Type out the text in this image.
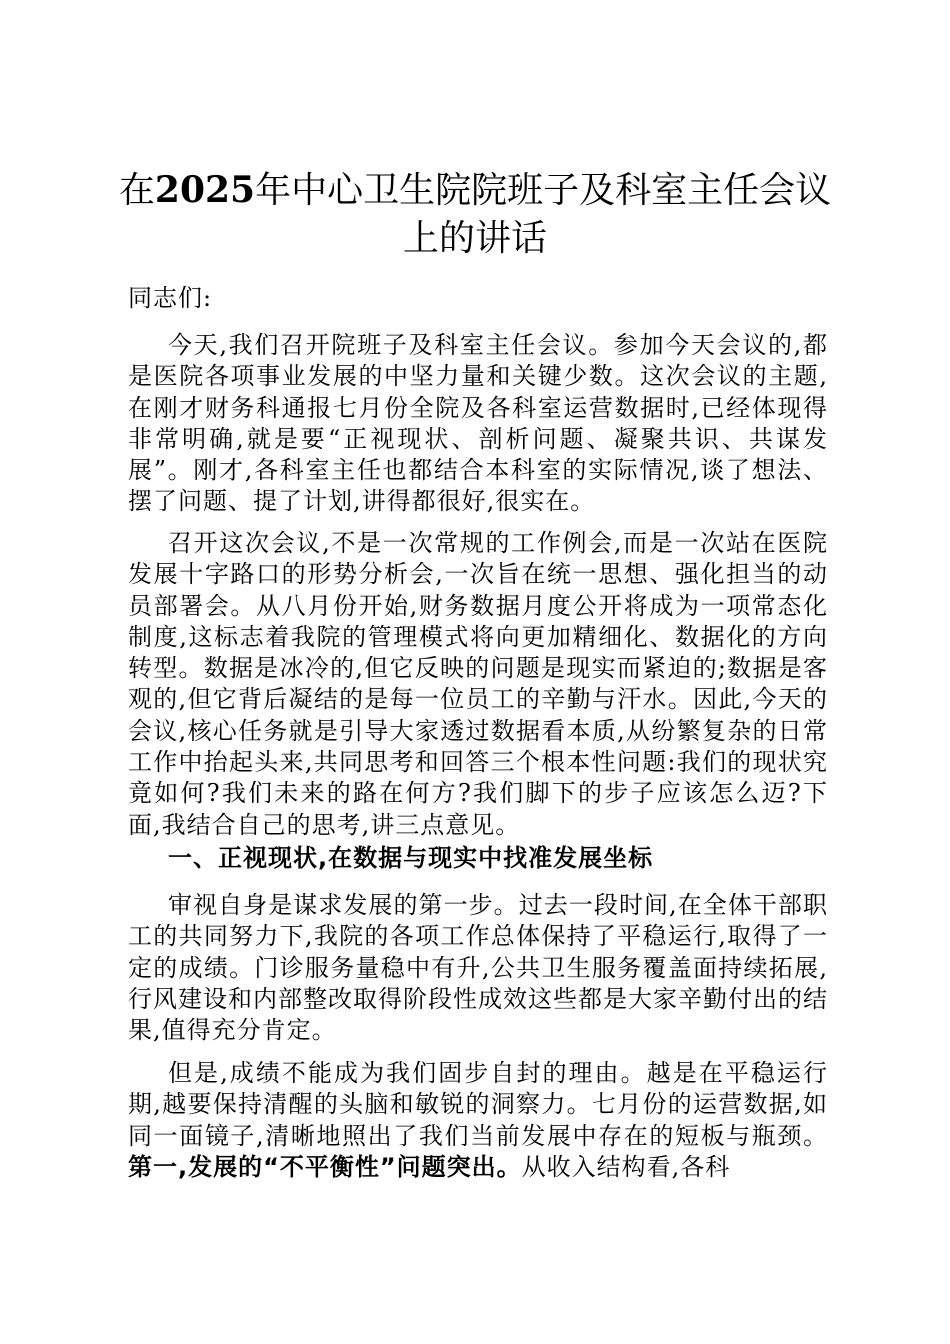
在2025年中心卫生院院班子及科室主任会议上的讲话
同志们:

今天,我们召开院班子及科室主任会议。参加今天会议的,都是医院各项事业发展的中坚力量和关键少数。这次会议的主题,在刚才财务科通报七月份全院及各科室运营数据时,已经体现得非常明确,就是要“正视现状、剖析问题、凝聚共识、共谋发展”。刚才,各科室主任也都结合本科室的实际情况,谈了想法、摆了问题、提了计划,讲得都很好,很实在。

召开这次会议,不是一次常规的工作例会,而是一次站在医院发展十字路口的形势分析会,一次旨在统一思想、强化担当的动员部署会。从八月份开始,财务数据月度公开将成为一项常态化制度,这标志着我院的管理模式将向更加精细化、数据化的方向转型。数据是冰冷的,但它反映的问题是现实而紧迫的;数据是客观的,但它背后凝结的是每一位员工的辛勤与汗水。因此,今天的会议,核心任务就是引导大家透过数据看本质,从纷繁复杂的日常工作中抬起头来,共同思考和回答三个根本性问题:我们的现状究竟如何?我们未来的路在何方?我们脚下的步子应该怎么迈?下面,我结合自己的思考,讲三点意见。

一、正视现状,在数据与现实中找准发展坐标

审视自身是谋求发展的第一步。过去一段时间,在全体干部职工的共同努力下,我院的各项工作总体保持了平稳运行,取得了一定的成绩。门诊服务量稳中有升,公共卫生服务覆盖面持续拓展,行风建设和内部整改取得阶段性成效这些都是大家辛勤付出的结果,值得充分肯定。

但是,成绩不能成为我们固步自封的理由。越是在平稳运行期,越要保持清醒的头脑和敏锐的洞察力。七月份的运营数据,如同一面镜子,清晰地照出了我们当前发展中存在的短板与瓶颈。第一,发展的“不平衡性”问题突出。从收入结构看,各科
